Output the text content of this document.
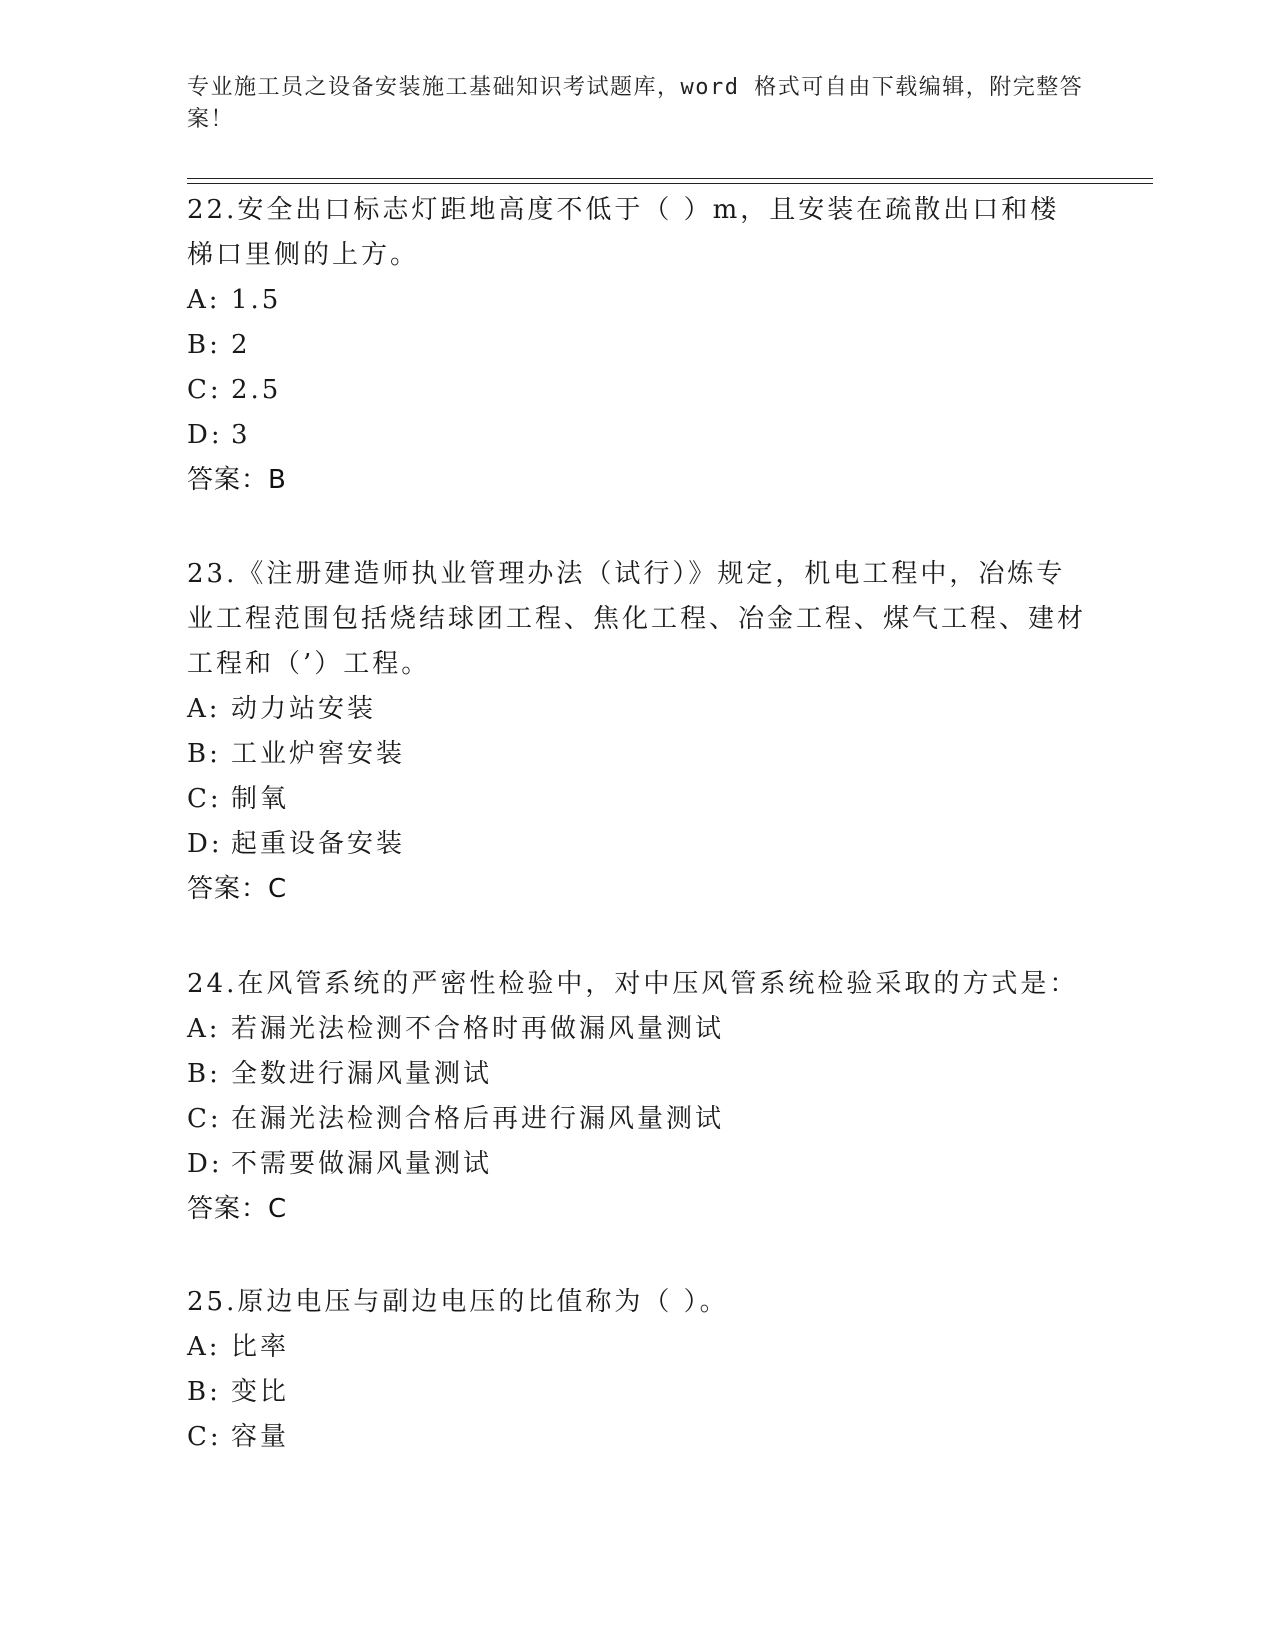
专业施工员之设备安装施工基础知识考试题库，word 格式可自由下载编辑，附完整答案！

22.安全出口标志灯距地高度不低于（ ）m，且安装在疏散出口和楼梯口里侧的上方。

A: 1.5

B: 2

C: 2.5

D: 3

答案：B

23.《注册建造师执业管理办法（试行）》规定，机电工程中，冶炼专业工程范围包括烧结球团工程、焦化工程、冶金工程、煤气工程、建材工程和（’）工程。

A: 动力站安装

B: 工业炉窖安装

C: 制氧

D: 起重设备安装

答案：C

24.在风管系统的严密性检验中，对中压风管系统检验采取的方式是：

A: 若漏光法检测不合格时再做漏风量测试

B: 全数进行漏风量测试

C: 在漏光法检测合格后再进行漏风量测试

D: 不需要做漏风量测试

答案：C

25.原边电压与副边电压的比值称为（ ）。

A: 比率

B: 变比

C: 容量
